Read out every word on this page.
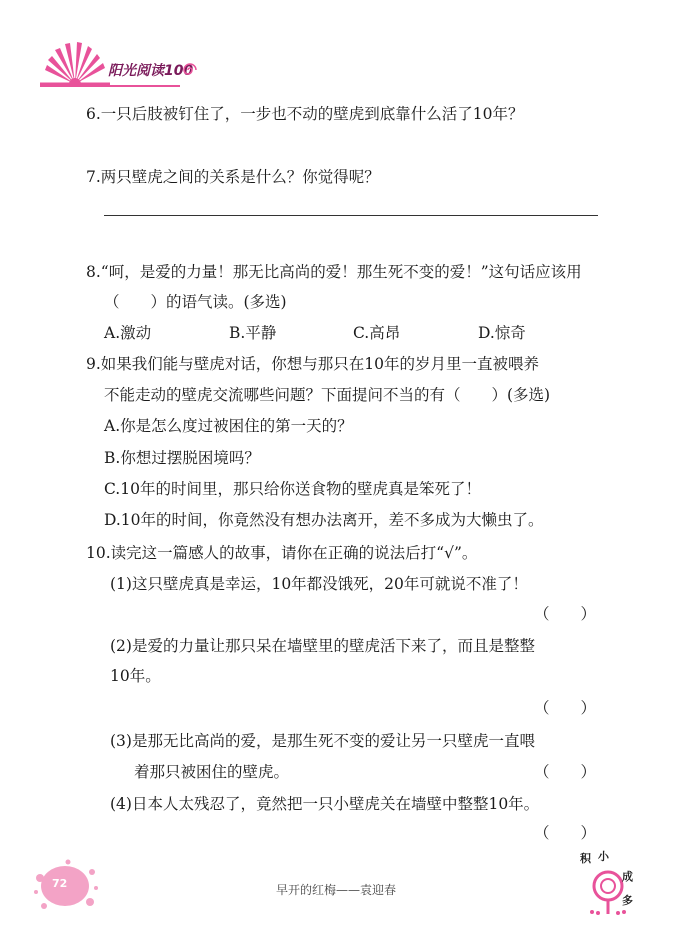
阳光阅读100
6.一只后肢被钉住了，一步也不动的壁虎到底靠什么活了10年？
7.两只壁虎之间的关系是什么？你觉得呢？
8.“呵，是爱的力量！那无比高尚的爱！那生死不变的爱！”这句话应该用
（　　）的语气读。(多选)
A.激动	B.平静	C.高昂	D.惊奇
9.如果我们能与壁虎对话，你想与那只在10年的岁月里一直被喂养
不能走动的壁虎交流哪些问题？下面提问不当的有（　　）(多选)
A.你是怎么度过被困住的第一天的？
B.你想过摆脱困境吗？
C.10年的时间里，那只给你送食物的壁虎真是笨死了！
D.10年的时间，你竟然没有想办法离开，差不多成为大懒虫了。
10.读完这一篇感人的故事，请你在正确的说法后打“√”。
(1)这只壁虎真是幸运，10年都没饿死，20年可就说不准了！
（　　）
(2)是爱的力量让那只呆在墙壁里的壁虎活下来了，而且是整整
10年。
（　　）
(3)是那无比高尚的爱，是那生死不变的爱让另一只壁虎一直喂
着那只被困住的壁虎。	（　　）
(4)日本人太残忍了，竟然把一只小壁虎关在墙壁中整整10年。
（　　）
72	早开的红梅——袁迎春
积 小
成
多
